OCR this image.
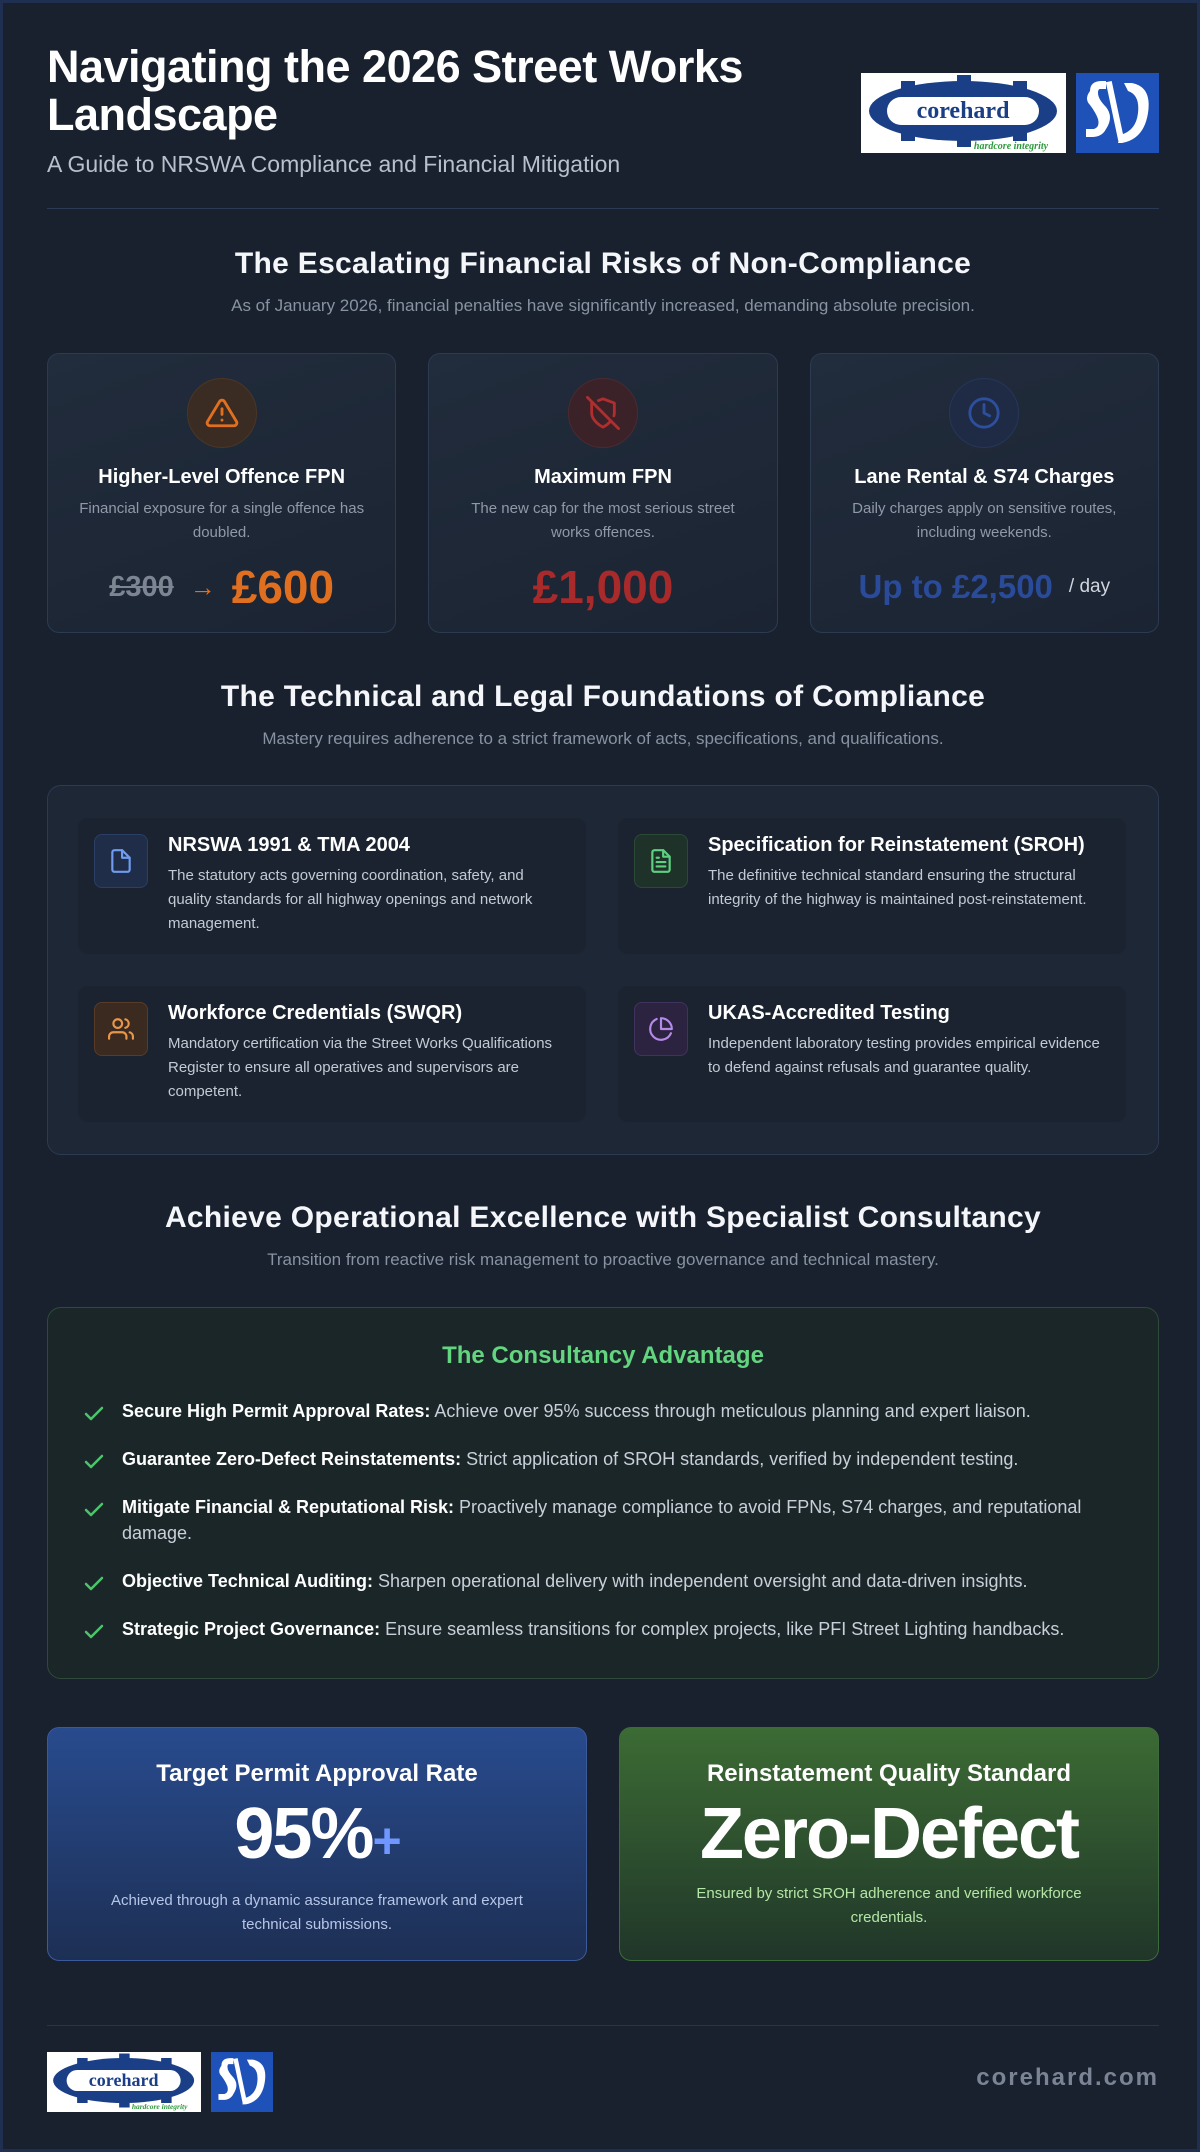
Navigating the 2026 Street Works Landscape
A Guide to NRSWA Compliance and Financial Mitigation
corehard
hardcore integrity
The Escalating Financial Risks of Non-Compliance
As of January 2026, financial penalties have significantly increased, demanding absolute precision.
Higher-Level Offence FPN

Financial exposure for a single offence has doubled.

£300 → £600
Maximum FPN

The new cap for the most serious street works offences.

£1,000
Lane Rental & S74 Charges

Daily charges apply on sensitive routes, including weekends.

Up to £2,500 / day
The Technical and Legal Foundations of Compliance
Mastery requires adherence to a strict framework of acts, specifications, and qualifications.
NRSWA 1991 & TMA 2004

The statutory acts governing coordination, safety, and quality standards for all highway openings and network management.

Specification for Reinstatement (SROH)

The definitive technical standard ensuring the structural integrity of the highway is maintained post-reinstatement.

Workforce Credentials (SWQR)

Mandatory certification via the Street Works Qualifications Register to ensure all operatives and supervisors are competent.

UKAS-Accredited Testing

Independent laboratory testing provides empirical evidence to defend against refusals and guarantee quality.

Achieve Operational Excellence with Specialist Consultancy
Transition from reactive risk management to proactive governance and technical mastery.
The Consultancy Advantage
Secure High Permit Approval Rates: Achieve over 95% success through meticulous planning and expert liaison.
Guarantee Zero-Defect Reinstatements: Strict application of SROH standards, verified by independent testing.
Mitigate Financial & Reputational Risk: Proactively manage compliance to avoid FPNs, S74 charges, and reputational damage.
Objective Technical Auditing: Sharpen operational delivery with independent oversight and data-driven insights.
Strategic Project Governance: Ensure seamless transitions for complex projects, like PFI Street Lighting handbacks.
Target Permit Approval Rate
95%+

Achieved through a dynamic assurance framework and expert technical submissions.

Reinstatement Quality Standard
Zero-Defect

Ensured by strict SROH adherence and verified workforce credentials.

corehard
hardcore integrity
corehard.com
